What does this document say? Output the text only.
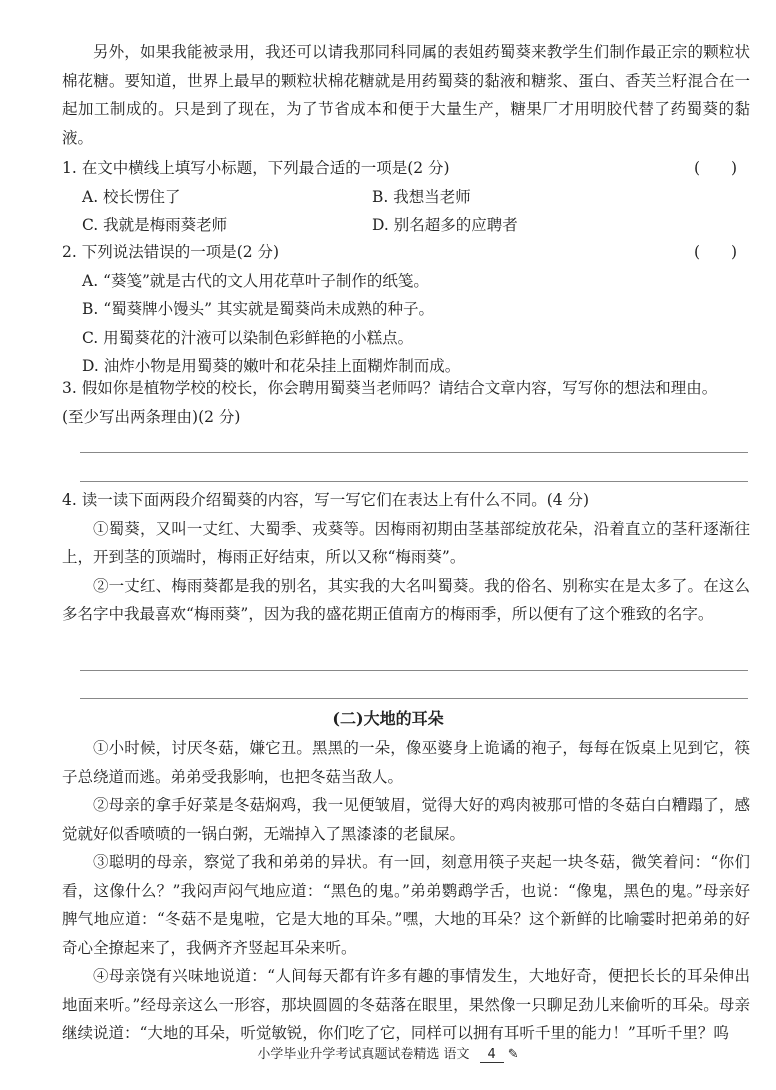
另外，如果我能被录用，我还可以请我那同科同属的表姐药蜀葵来教学生们制作最正宗的颗粒状棉花糖。要知道，世界上最早的颗粒状棉花糖就是用药蜀葵的黏液和糖浆、蛋白、香芙兰籽混合在一起加工制成的。只是到了现在，为了节省成本和便于大量生产，糖果厂才用明胶代替了药蜀葵的黏液。

1. 在文中横线上填写小标题，下列最合适的一项是(2 分)	(　　)
A. 校长愣住了	B. 我想当老师
C. 我就是梅雨葵老师	D. 别名超多的应聘者
2. 下列说法错误的一项是(2 分)	(　　)
A. “葵笺”就是古代的文人用花草叶子制作的纸笺。
B. “蜀葵牌小馒头” 其实就是蜀葵尚未成熟的种子。
C. 用蜀葵花的汁液可以染制色彩鲜艳的小糕点。
D. 油炸小物是用蜀葵的嫩叶和花朵挂上面糊炸制而成。
3. 假如你是植物学校的校长，你会聘用蜀葵当老师吗？请结合文章内容，写写你的想法和理由。
(至少写出两条理由)(2 分)
4. 读一读下面两段介绍蜀葵的内容，写一写它们在表达上有什么不同。(4 分)

①蜀葵，又叫一丈红、大蜀季、戎葵等。因梅雨初期由茎基部绽放花朵，沿着直立的茎秆逐渐往上，开到茎的顶端时，梅雨正好结束，所以又称“梅雨葵”。

②一丈红、梅雨葵都是我的别名，其实我的大名叫蜀葵。我的俗名、别称实在是太多了。在这么多名字中我最喜欢“梅雨葵”，因为我的盛花期正值南方的梅雨季，所以便有了这个雅致的名字。

(二)大地的耳朵

①小时候，讨厌冬菇，嫌它丑。黑黑的一朵，像巫婆身上诡谲的袍子，每每在饭桌上见到它，筷子总绕道而逃。弟弟受我影响，也把冬菇当敌人。

②母亲的拿手好菜是冬菇焖鸡，我一见便皱眉，觉得大好的鸡肉被那可惜的冬菇白白糟蹋了，感觉就好似香喷喷的一锅白粥，无端掉入了黑漆漆的老鼠屎。

③聪明的母亲，察觉了我和弟弟的异状。有一回，刻意用筷子夹起一块冬菇，微笑着问：“你们看，这像什么？”我闷声闷气地应道：“黑色的鬼。”弟弟鹦鹉学舌，也说：“像鬼，黑色的鬼。”母亲好脾气地应道：“冬菇不是鬼啦，它是大地的耳朵。”嘿，大地的耳朵？这个新鲜的比喻霎时把弟弟的好奇心全撩起来了，我俩齐齐竖起耳朵来听。

④母亲饶有兴味地说道：“人间每天都有许多有趣的事情发生，大地好奇，便把长长的耳朵伸出地面来听。”经母亲这么一形容，那块圆圆的冬菇落在眼里，果然像一只聊足劲儿来偷听的耳朵。母亲继续说道：“大地的耳朵，听觉敏锐，你们吃了它，同样可以拥有耳听千里的能力！”耳听千里？呜

小学毕业升学考试真题试卷精选 语文 4 ✎
